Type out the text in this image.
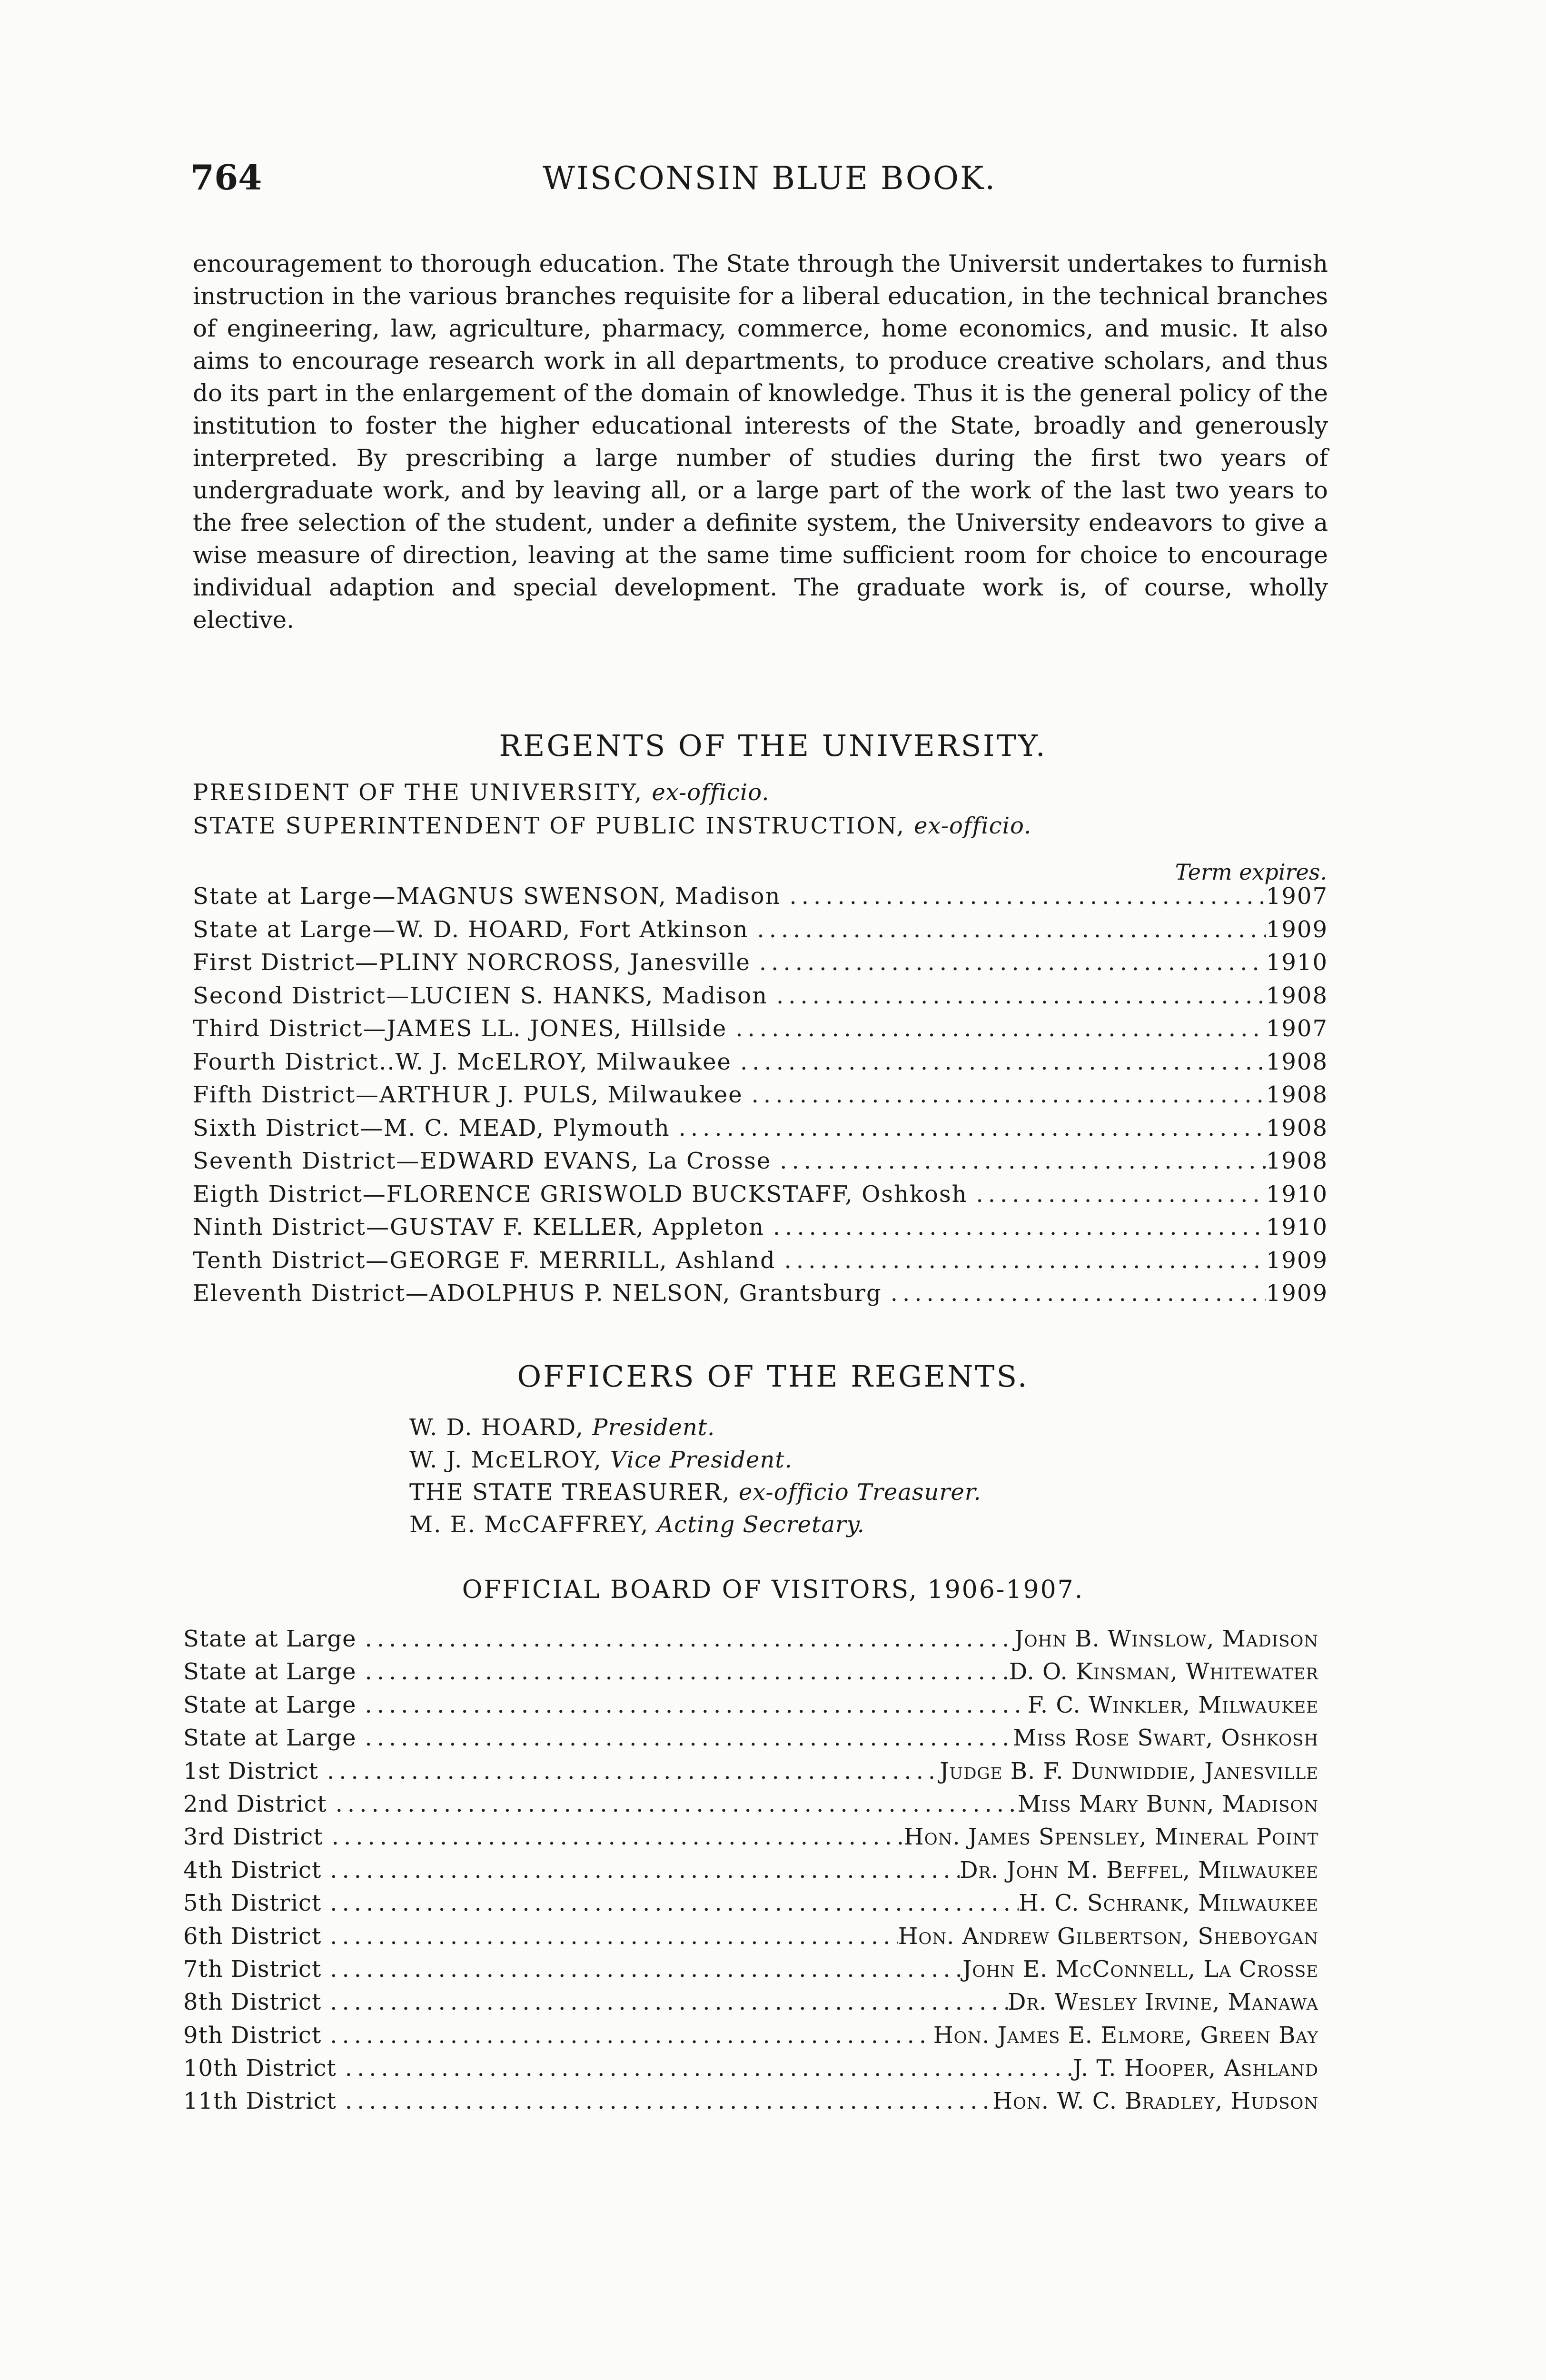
764	WISCONSIN BLUE BOOK.

encouragement to thorough education. The State through the Universit undertakes to furnish instruction in the various branches requisite for a liberal education, in the technical branches of engineering, law, agriculture, pharmacy, commerce, home economics, and music. It also aims to encourage research work in all departments, to produce creative scholars, and thus do its part in the enlargement of the domain of knowledge. Thus it is the general policy of the institution to foster the higher educational interests of the State, broadly and generously interpreted. By prescribing a large number of studies during the first two years of undergraduate work, and by leaving all, or a large part of the work of the last two years to the free selection of the student, under a definite system, the University endeavors to give a wise measure of direction, leaving at the same time sufficient room for choice to encourage individual adaption and special development. The graduate work is, of course, wholly elective.

REGENTS OF THE UNIVERSITY.
PRESIDENT OF THE UNIVERSITY, ex-officio.
STATE SUPERINTENDENT OF PUBLIC INSTRUCTION, ex-officio.
Term expires.
State at Large—MAGNUS SWENSON, Madison .....	1907
State at Large—W. D. HOARD, Fort Atkinson .....	1909
First District—PLINY NORCROSS, Janesville .....	1910
Second District—LUCIEN S. HANKS, Madison .....	1908
Third District—JAMES LL. JONES, Hillside .....	1907
Fourth District..W. J. McELROY, Milwaukee .....	1908
Fifth District—ARTHUR J. PULS, Milwaukee .....	1908
Sixth District—M. C. MEAD, Plymouth .....	1908
Seventh District—EDWARD EVANS, La Crosse .....	1908
Eigth District—FLORENCE GRISWOLD BUCKSTAFF, Oshkosh .....	1910
Ninth District—GUSTAV F. KELLER, Appleton .....	1910
Tenth District—GEORGE F. MERRILL, Ashland .....	1909
Eleventh District—ADOLPHUS P. NELSON, Grantsburg .....	1909
OFFICERS OF THE REGENTS.
W. D. HOARD, President.
W. J. McELROY, Vice President.
THE STATE TREASURER, ex-officio Treasurer.
M. E. McCAFFREY, Acting Secretary.
OFFICIAL BOARD OF VISITORS, 1906-1907.
State at Large .....	John B. Winslow, Madison
State at Large .....	D. O. Kinsman, Whitewater
State at Large .....	F. C. Winkler, Milwaukee
State at Large .....	Miss Rose Swart, Oshkosh
1st District .....	Judge B. F. Dunwiddie, Janesville
2nd District .....	Miss Mary Bunn, Madison
3rd District .....	Hon. James Spensley, Mineral Point
4th District .....	Dr. John M. Beffel, Milwaukee
5th District .....	H. C. Schrank, Milwaukee
6th District .....	Hon. Andrew Gilbertson, Sheboygan
7th District .....	John E. McConnell, La Crosse
8th District .....	Dr. Wesley Irvine, Manawa
9th District .....	Hon. James E. Elmore, Green Bay
10th District .....	J. T. Hooper, Ashland
11th District .....	Hon. W. C. Bradley, Hudson
